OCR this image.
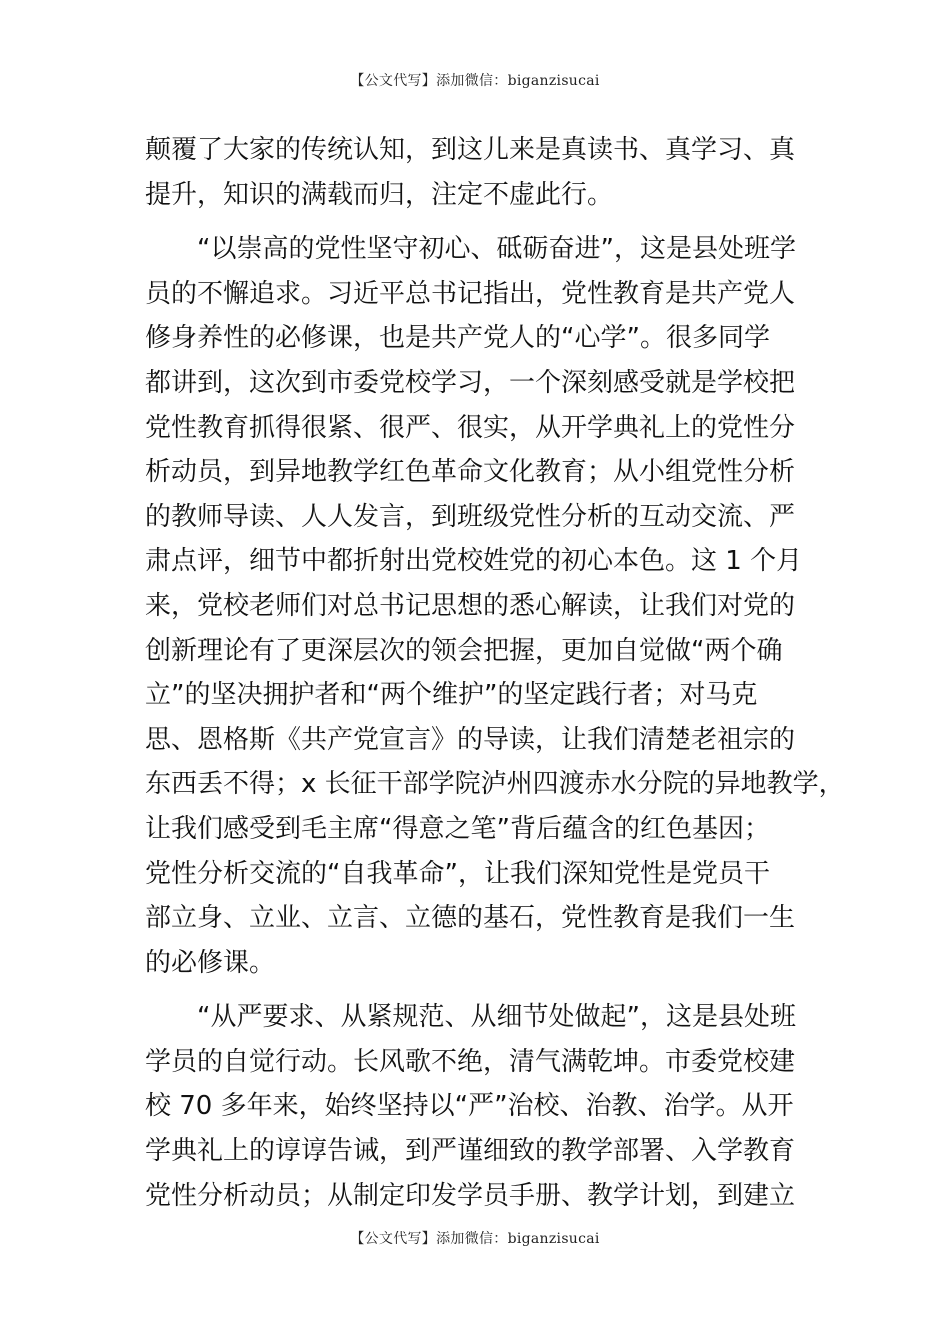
【公文代写】添加微信：biganzisucai
颠覆了大家的传统认知，到这儿来是真读书、真学习、真
提升，知识的满载而归，注定不虚此行。
“以崇高的党性坚守初心、砥砺奋进”，这是县处班学
员的不懈追求。习近平总书记指出，党性教育是共产党人
修身养性的必修课，也是共产党人的“心学”。很多同学
都讲到，这次到市委党校学习，一个深刻感受就是学校把
党性教育抓得很紧、很严、很实，从开学典礼上的党性分
析动员，到异地教学红色革命文化教育；从小组党性分析
的教师导读、人人发言，到班级党性分析的互动交流、严
肃点评，细节中都折射出党校姓党的初心本色。这 1 个月
来，党校老师们对总书记思想的悉心解读，让我们对党的
创新理论有了更深层次的领会把握，更加自觉做“两个确
立”的坚决拥护者和“两个维护”的坚定践行者；对马克
思、恩格斯《共产党宣言》的导读，让我们清楚老祖宗的
东西丢不得；x 长征干部学院泸州四渡赤水分院的异地教学，
让我们感受到毛主席“得意之笔”背后蕴含的红色基因；
党性分析交流的“自我革命”，让我们深知党性是党员干
部立身、立业、立言、立德的基石，党性教育是我们一生
的必修课。
“从严要求、从紧规范、从细节处做起”，这是县处班
学员的自觉行动。长风歌不绝，清气满乾坤。市委党校建
校 70 多年来，始终坚持以“严”治校、治教、治学。从开
学典礼上的谆谆告诫，到严谨细致的教学部署、入学教育
党性分析动员；从制定印发学员手册、教学计划，到建立
【公文代写】添加微信：biganzisucai
